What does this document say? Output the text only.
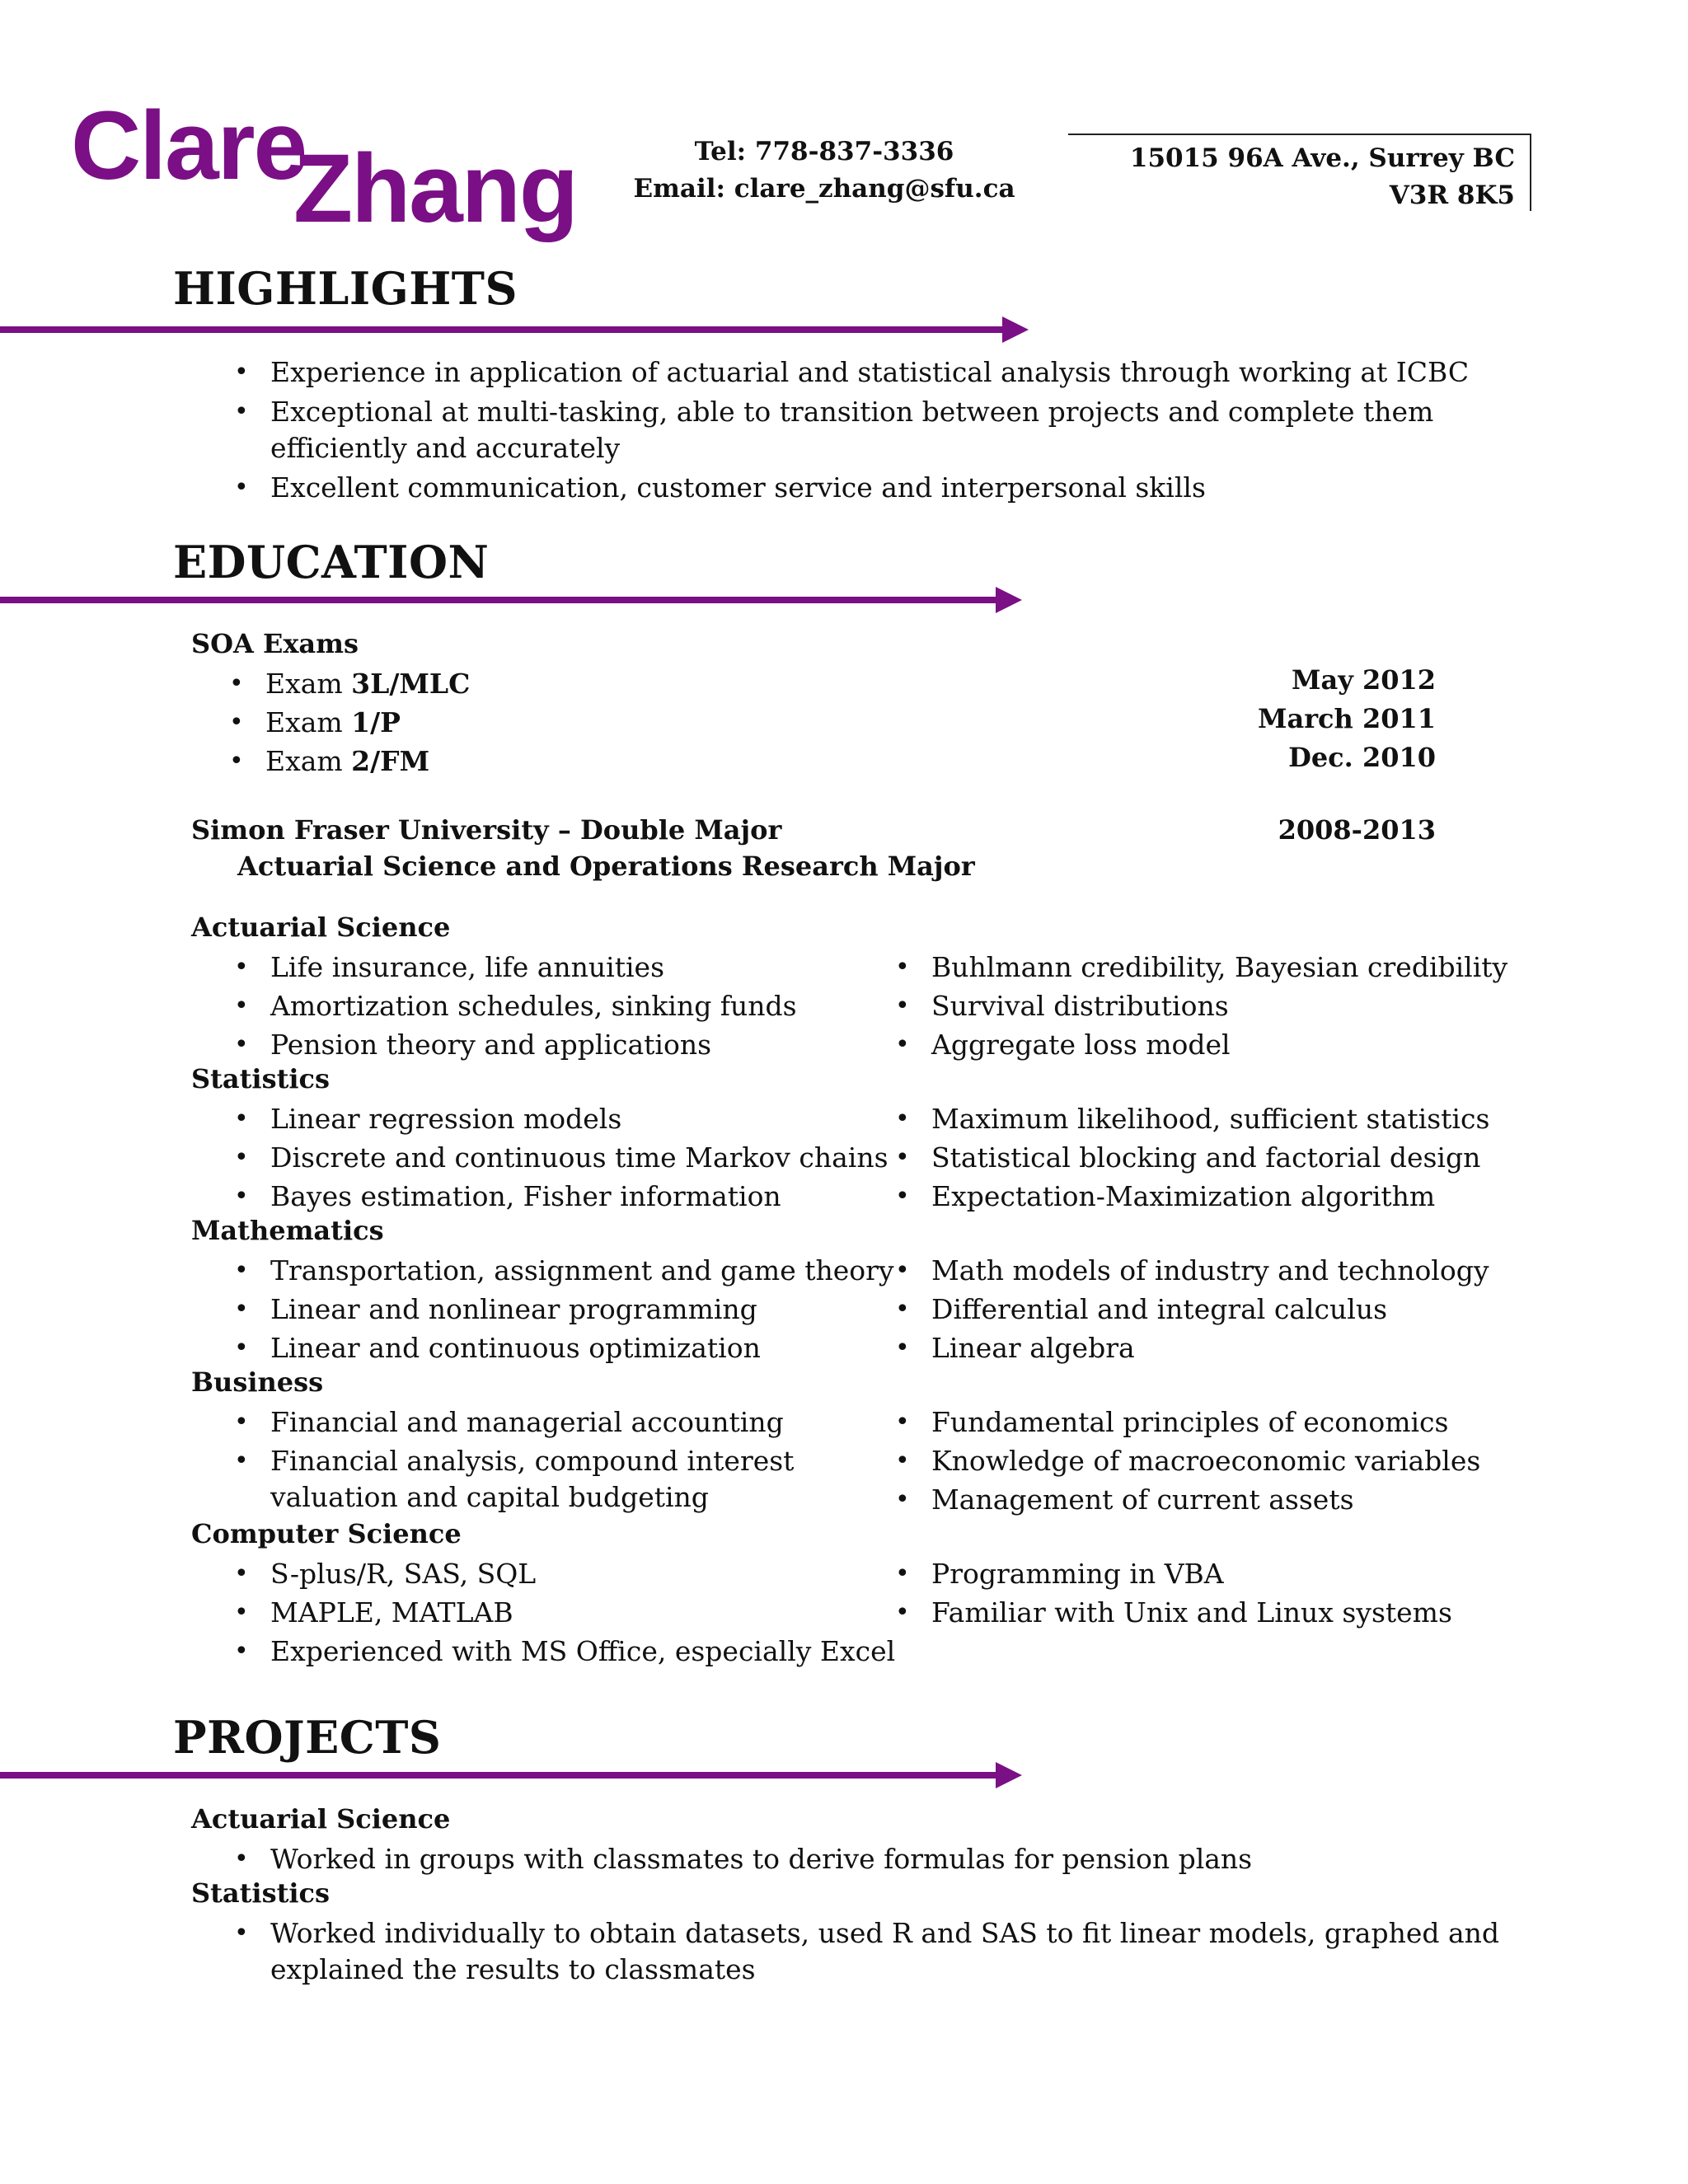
Clare
Zhang	Tel: 778-837-3336
Email: clare_zhang@sfu.ca
15015 96A Ave., Surrey BC
V3R 8K5
HIGHLIGHTS
• Experience in application of actuarial and statistical analysis through working at ICBC
• Exceptional at multi-tasking, able to transition between projects and complete them
efficiently and accurately
• Excellent communication, customer service and interpersonal skills
EDUCATION
SOA Exams
• Exam 3L/MLC	May 2012
• Exam 1/P	March 2011
• Exam 2/FM	Dec. 2010
Simon Fraser University – Double Major	2008-2013
Actuarial Science and Operations Research Major
Actuarial Science
• Life insurance, life annuities
• Amortization schedules, sinking funds
• Pension theory and applications
• Buhlmann credibility, Bayesian credibility
• Survival distributions
• Aggregate loss model
Statistics
• Linear regression models
• Discrete and continuous time Markov chains
• Bayes estimation, Fisher information
• Maximum likelihood, sufficient statistics
• Statistical blocking and factorial design
• Expectation-Maximization algorithm
Mathematics
• Transportation, assignment and game theory
• Linear and nonlinear programming
• Linear and continuous optimization
• Math models of industry and technology
• Differential and integral calculus
• Linear algebra
Business
• Financial and managerial accounting
• Financial analysis, compound interest
valuation and capital budgeting
• Fundamental principles of economics
• Knowledge of macroeconomic variables
• Management of current assets
Computer Science
• S-plus/R, SAS, SQL
• MAPLE, MATLAB
• Experienced with MS Office, especially Excel
• Programming in VBA
• Familiar with Unix and Linux systems
PROJECTS
Actuarial Science
• Worked in groups with classmates to derive formulas for pension plans
Statistics
• Worked individually to obtain datasets, used R and SAS to fit linear models, graphed and
explained the results to classmates
